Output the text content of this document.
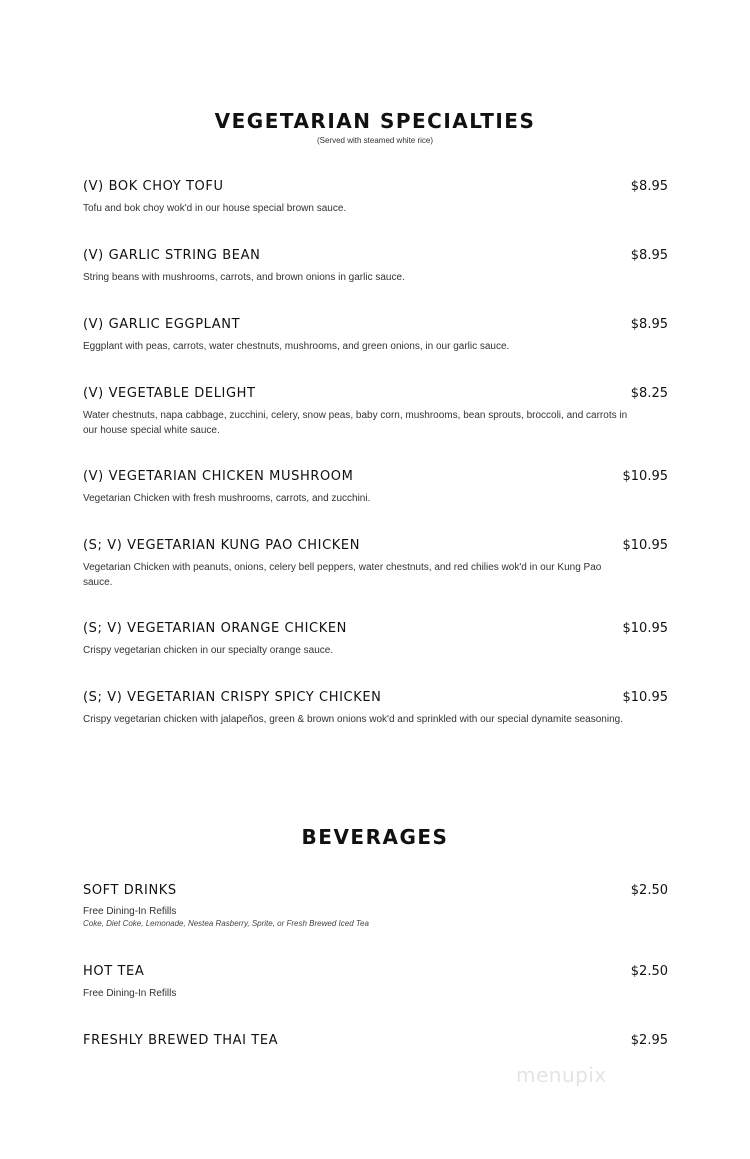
VEGETARIAN SPECIALTIES
(Served with steamed white rice)
(V) BOK CHOY TOFU	$8.95
Tofu and bok choy wok'd in our house special brown sauce.
(V) GARLIC STRING BEAN	$8.95
String beans with mushrooms, carrots, and brown onions in garlic sauce.
(V) GARLIC EGGPLANT	$8.95
Eggplant with peas, carrots, water chestnuts, mushrooms, and green onions, in our garlic sauce.
(V) VEGETABLE DELIGHT	$8.25
Water chestnuts, napa cabbage, zucchini, celery, snow peas, baby corn, mushrooms, bean sprouts, broccoli, and carrots in our house special white sauce.
(V) VEGETARIAN CHICKEN MUSHROOM	$10.95
Vegetarian Chicken with fresh mushrooms, carrots, and zucchini.
(S; V) VEGETARIAN KUNG PAO CHICKEN	$10.95
Vegetarian Chicken with peanuts, onions, celery bell peppers, water chestnuts, and red chilies wok'd in our Kung Pao sauce.
(S; V) VEGETARIAN ORANGE CHICKEN	$10.95
Crispy vegetarian chicken in our specialty orange sauce.
(S; V) VEGETARIAN CRISPY SPICY CHICKEN	$10.95
Crispy vegetarian chicken with jalapeños, green & brown onions wok'd and sprinkled with our special dynamite seasoning.
BEVERAGES
SOFT DRINKS	$2.50
Free Dining-In Refills
Coke, Diet Coke, Lemonade, Nestea Rasberry, Sprite, or Fresh Brewed Iced Tea
HOT TEA	$2.50
Free Dining-In Refills
FRESHLY BREWED THAI TEA	$2.95
menupix
